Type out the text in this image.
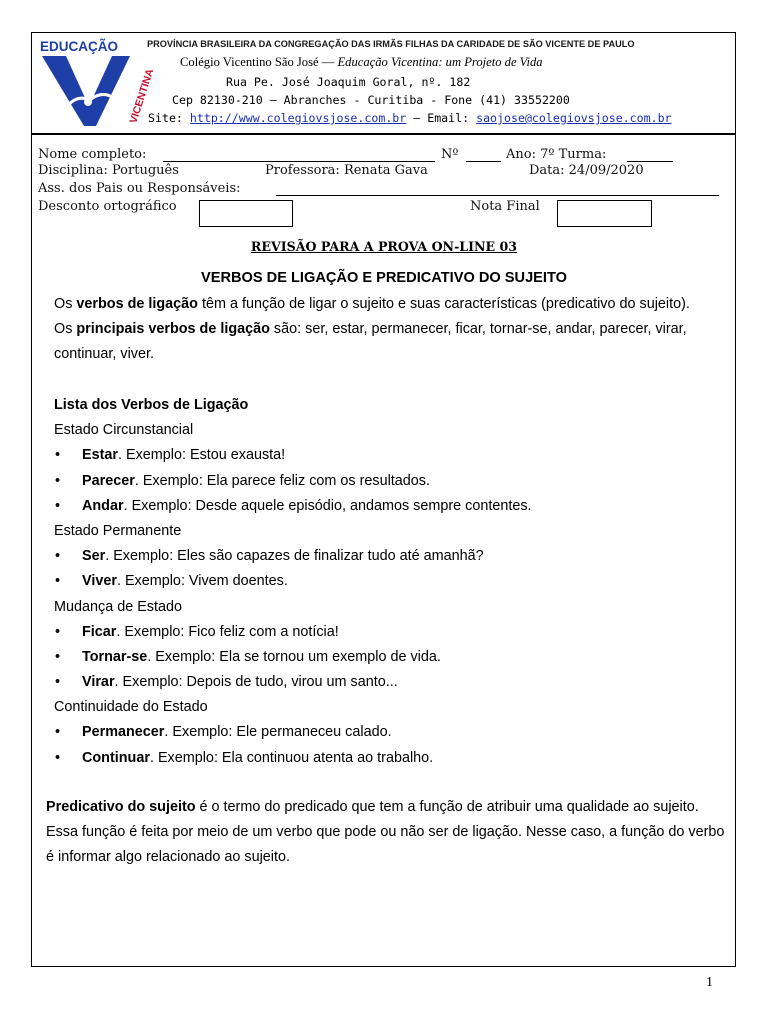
EDUCAÇÃO
VICENTINA
PROVÍNCIA BRASILEIRA DA CONGREGAÇÃO DAS IRMÃS FILHAS DA CARIDADE DE SÃO VICENTE DE PAULO
Colégio Vicentino São José — Educação Vicentina: um Projeto de Vida
Rua Pe. José Joaquim Goral, nº. 182
Cep 82130-210 – Abranches - Curitiba - Fone (41) 33552200
Site: http://www.colegiovsjose.com.br – Email: saojose@colegiovsjose.com.br
Nome completo:	Nº	Ano: 7º Turma:
Disciplina: Português	Professora: Renata Gava	Data: 24/09/2020
Ass. dos Pais ou Responsáveis:
Desconto ortográfico	Nota Final
REVISÃO PARA A PROVA ON-LINE 03
VERBOS DE LIGAÇÃO E PREDICATIVO DO SUJEITO

Os verbos de ligação têm a função de ligar o sujeito e suas características (predicativo do sujeito).

Os principais verbos de ligação são: ser, estar, permanecer, ficar, tornar-se, andar, parecer, virar, continuar, viver.

Lista dos Verbos de Ligação
Estado Circunstancial
• Estar. Exemplo: Estou exausta!
• Parecer. Exemplo: Ela parece feliz com os resultados.
• Andar. Exemplo: Desde aquele episódio, andamos sempre contentes.
Estado Permanente
• Ser. Exemplo: Eles são capazes de finalizar tudo até amanhã?
• Viver. Exemplo: Vivem doentes.
Mudança de Estado
• Ficar. Exemplo: Fico feliz com a notícia!
• Tornar-se. Exemplo: Ela se tornou um exemplo de vida.
• Virar. Exemplo: Depois de tudo, virou um santo...
Continuidade do Estado
• Permanecer. Exemplo: Ele permaneceu calado.
• Continuar. Exemplo: Ela continuou atenta ao trabalho.

Predicativo do sujeito é o termo do predicado que tem a função de atribuir uma qualidade ao sujeito.

Essa função é feita por meio de um verbo que pode ou não ser de ligação. Nesse caso, a função do verbo é informar algo relacionado ao sujeito.

1
